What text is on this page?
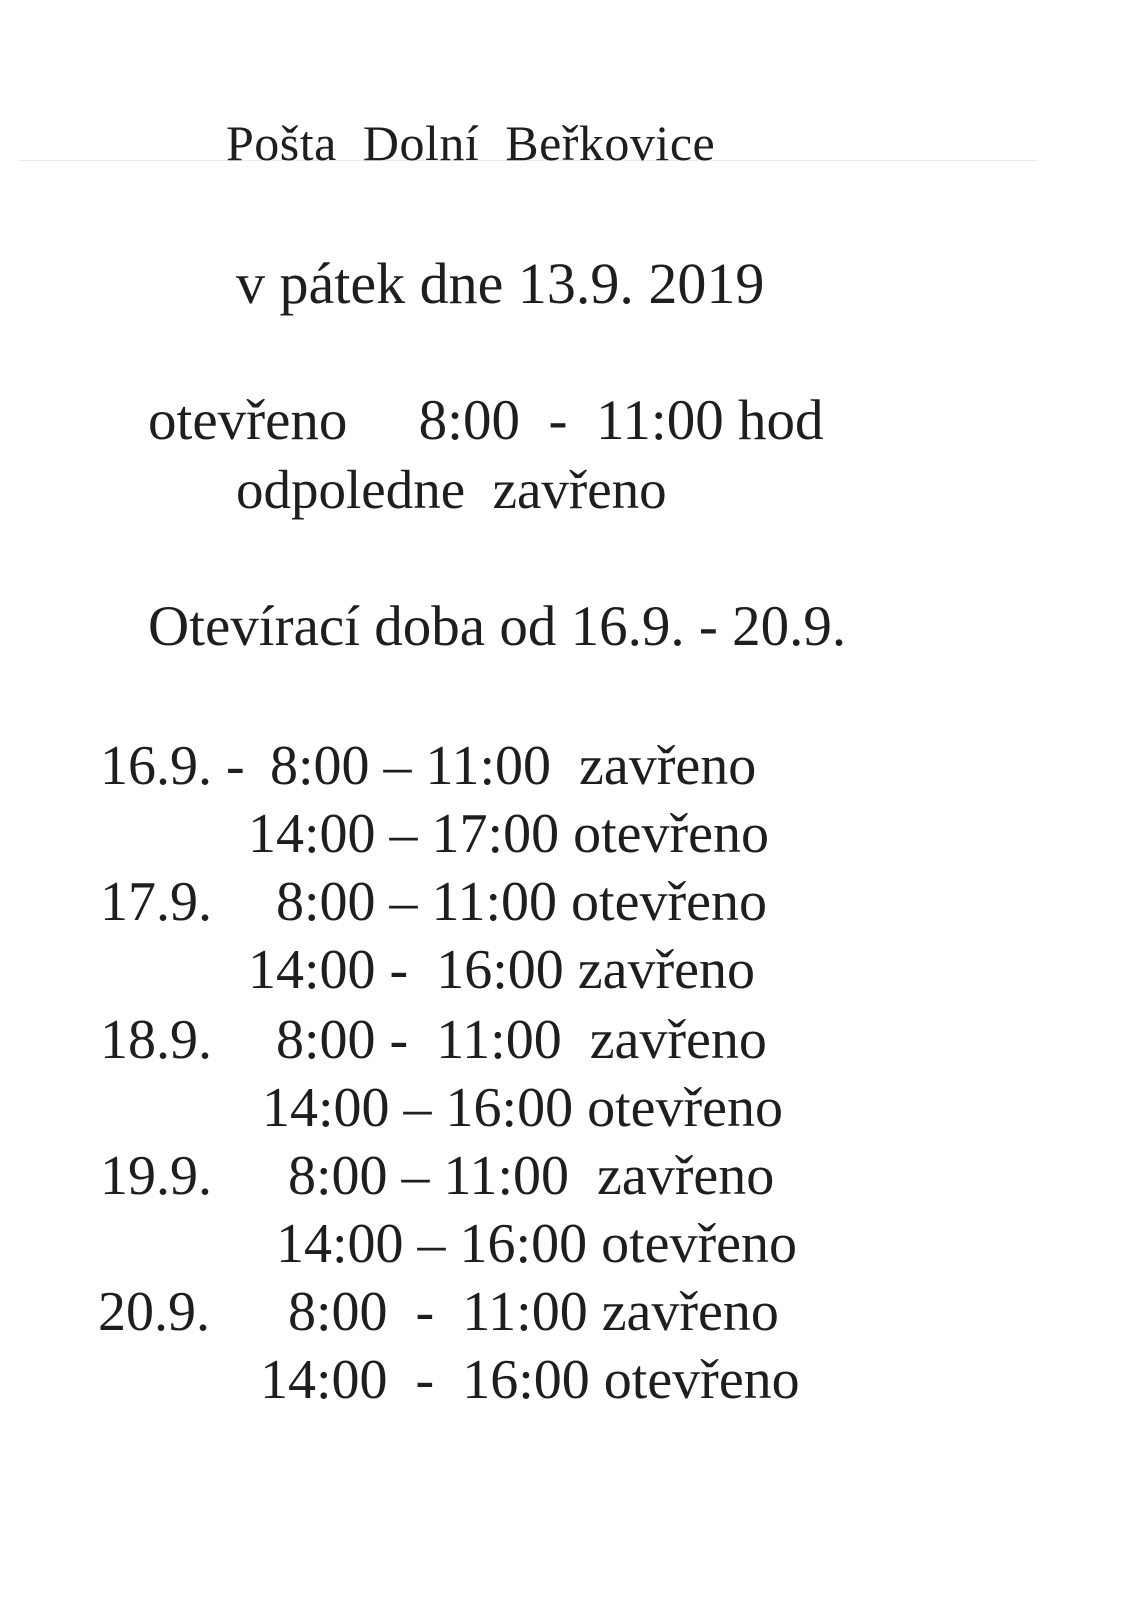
Pošta  Dolní  Beřkovice
v pátek dne 13.9. 2019
otevřeno     8:00  -  11:00 hod
odpoledne  zavřeno
Otevírací doba od 16.9. - 20.9.
16.9. - 8:00 – 11:00  zavřeno
14:00 – 17:00 otevřeno
17.9. 8:00 – 11:00 otevřeno
14:00 -  16:00 zavřeno
18.9. 8:00 -  11:00  zavřeno
14:00 – 16:00 otevřeno
19.9. 8:00 – 11:00  zavřeno
14:00 – 16:00 otevřeno
20.9. 8:00  -  11:00 zavřeno
14:00  -  16:00 otevřeno
